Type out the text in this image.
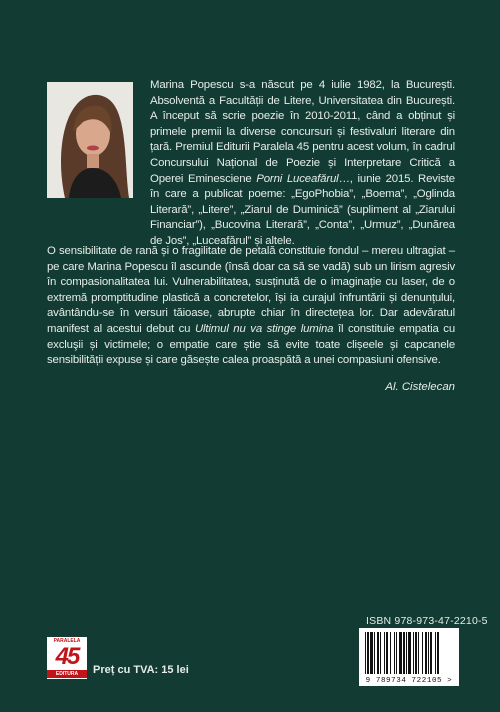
Marina Popescu s-a născut pe 4 iulie 1982, la București. Absolventă a Facultății de Litere, Universitatea din București. A început să scrie poezie în 2010-2011, când a obținut și primele premii la diverse concursuri și festivaluri literare din țară. Premiul Editurii Paralela 45 pentru acest volum, în cadrul Concursului Național de Poezie și Interpretare Critică a Operei Eminesciene Porni Luceafărul…, iunie 2015. Reviste în care a publicat poeme: „EgoPhobia”, „Boema”, „Oglinda Literară”, „Litere”, „Ziarul de Duminică” (supliment al „Ziarului Financiar”), „Bucovina Literară”, „Conta”, „Urmuz”, „Dunărea de Jos”, „Luceafărul” și altele.
O sensibilitate de rană și o fragilitate de petală constituie fondul – mereu ultragiat – pe care Marina Popescu îl ascunde (însă doar ca să se vadă) sub un lirism agresiv în compasionalitatea lui. Vulnerabilitatea, susținută de o imaginație cu laser, de o extremă promptitudine plastică a concretelor, își ia curajul înfruntării și denunțului, avântându-se în versuri tăioase, abrupte chiar în directețea lor. Dar adevăratul manifest al acestui debut cu Ultimul nu va stinge lumina îl constituie empatia cu excluşii și victimele; o empatie care știe să evite toate clișeele și capcanele sensibilității expuse și care găsește calea proaspătă a unei compasiuni ofensive.
Al. Cistelecan
ISBN 978-973-47-2210-5
9 789734 722105 >
PARALELA
45
EDITURA	Preț cu TVA: 15 lei
